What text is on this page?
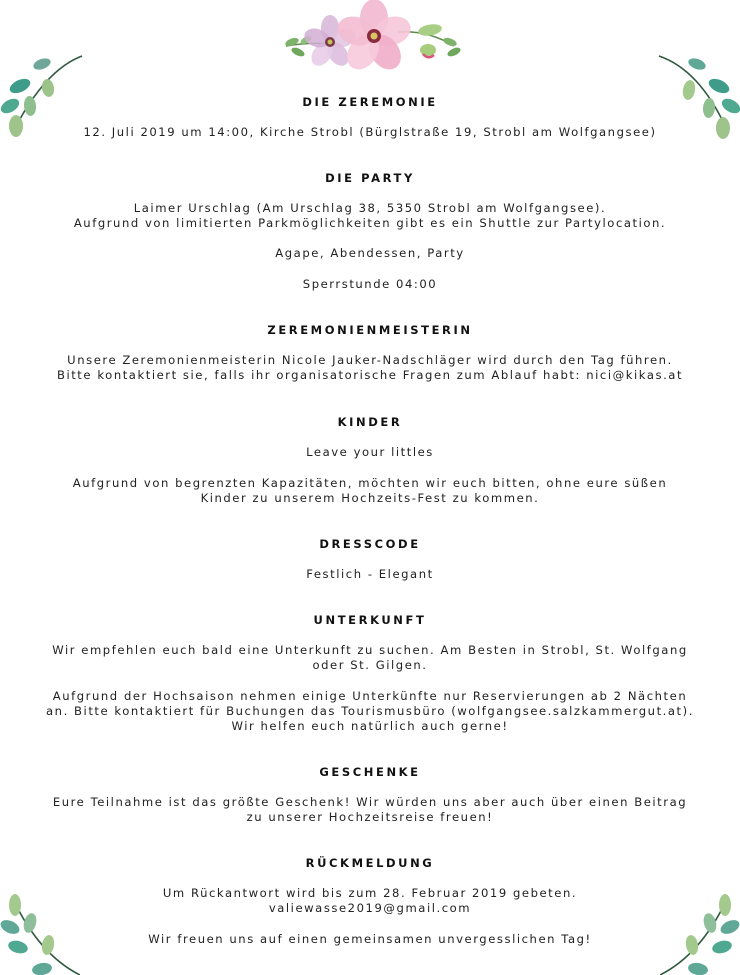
DIE ZEREMONIE
12. Juli 2019 um 14:00, Kirche Strobl (Bürglstraße 19, Strobl am Wolfgangsee)
DIE PARTY
Laimer Urschlag (Am Urschlag 38, 5350 Strobl am Wolfgangsee).
Aufgrund von limitierten Parkmöglichkeiten gibt es ein Shuttle zur Partylocation.
Agape, Abendessen, Party
Sperrstunde 04:00
ZEREMONIENMEISTERIN
Unsere Zeremonienmeisterin Nicole Jauker-Nadschläger wird durch den Tag führen.
Bitte kontaktiert sie, falls ihr organisatorische Fragen zum Ablauf habt: nici@kikas.at
KINDER
Leave your littles
Aufgrund von begrenzten Kapazitäten, möchten wir euch bitten, ohne eure süßen
Kinder zu unserem Hochzeits-Fest zu kommen.
DRESSCODE
Festlich - Elegant
UNTERKUNFT
Wir empfehlen euch bald eine Unterkunft zu suchen. Am Besten in Strobl, St. Wolfgang
oder St. Gilgen.
Aufgrund der Hochsaison nehmen einige Unterkünfte nur Reservierungen ab 2 Nächten
an. Bitte kontaktiert für Buchungen das Tourismusbüro (wolfgangsee.salzkammergut.at).
Wir helfen euch natürlich auch gerne!
GESCHENKE
Eure Teilnahme ist das größte Geschenk! Wir würden uns aber auch über einen Beitrag
zu unserer Hochzeitsreise freuen!
RÜCKMELDUNG
Um Rückantwort wird bis zum 28. Februar 2019 gebeten.
valiewasse2019@gmail.com
Wir freuen uns auf einen gemeinsamen unvergesslichen Tag!
